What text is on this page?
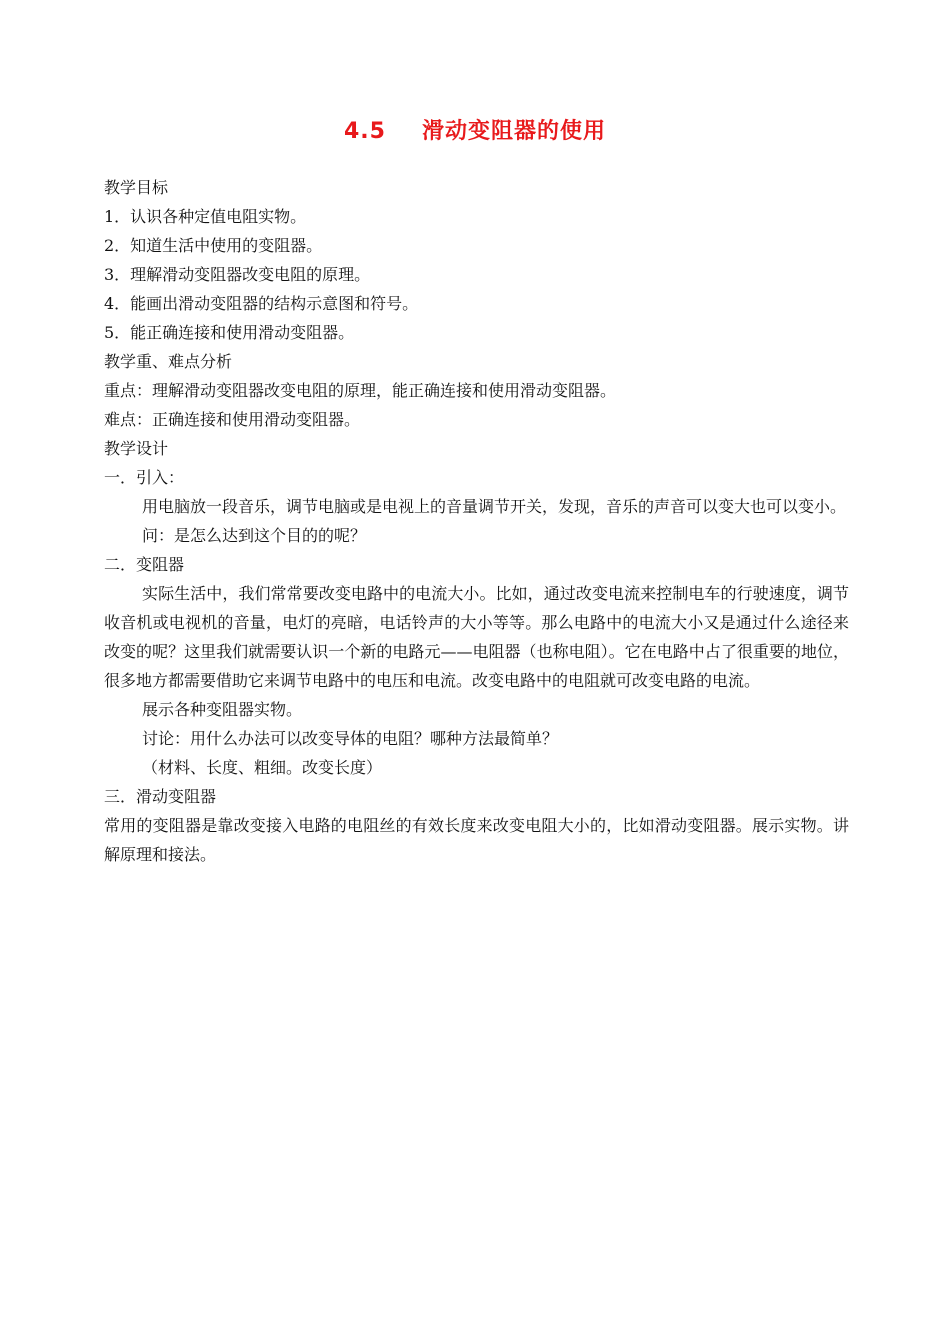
4.5 滑动变阻器的使用
教学目标
1．认识各种定值电阻实物。
2．知道生活中使用的变阻器。
3．理解滑动变阻器改变电阻的原理。
4．能画出滑动变阻器的结构示意图和符号。
5．能正确连接和使用滑动变阻器。
教学重、难点分析
重点：理解滑动变阻器改变电阻的原理，能正确连接和使用滑动变阻器。
难点：正确连接和使用滑动变阻器。
教学设计
一．引入：
用电脑放一段音乐，调节电脑或是电视上的音量调节开关，发现，音乐的声音可以变大也可以变小。
问：是怎么达到这个目的的呢？
二．变阻器
实际生活中，我们常常要改变电路中的电流大小。比如，通过改变电流来控制电车的行驶速度，调节收音机或电视机的音量，电灯的亮暗，电话铃声的大小等等。那么电路中的电流大小又是通过什么途径来改变的呢？这里我们就需要认识一个新的电路元——电阻器（也称电阻）。它在电路中占了很重要的地位，很多地方都需要借助它来调节电路中的电压和电流。改变电路中的电阻就可改变电路的电流。
展示各种变阻器实物。
讨论：用什么办法可以改变导体的电阻？哪种方法最简单？
（材料、长度、粗细。改变长度）
三．滑动变阻器
常用的变阻器是靠改变接入电路的电阻丝的有效长度来改变电阻大小的，比如滑动变阻器。展示实物。讲解原理和接法。
